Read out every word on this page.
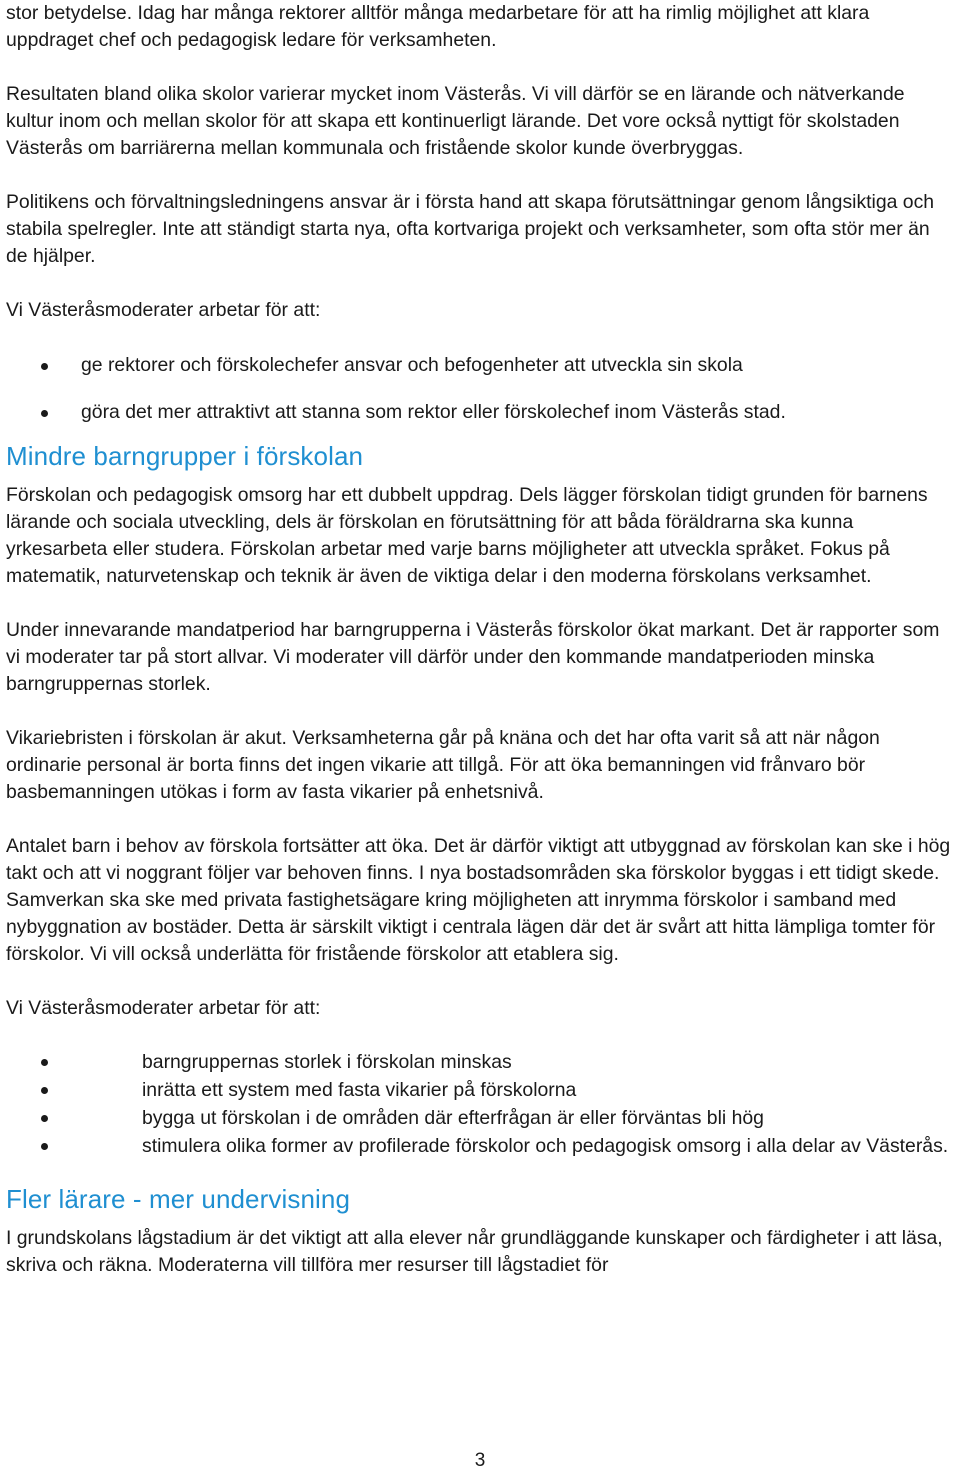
stor betydelse. Idag har många rektorer alltför många medarbetare för att ha rimlig möjlighet att klara uppdraget chef och pedagogisk ledare för verksamheten.

Resultaten bland olika skolor varierar mycket inom Västerås. Vi vill därför se en lärande och nätverkande kultur inom och mellan skolor för att skapa ett kontinuerligt lärande. Det vore också nyttigt för skolstaden Västerås om barriärerna mellan kommunala och fristående skolor kunde överbryggas.

Politikens och förvaltningsledningens ansvar är i första hand att skapa förutsättningar genom långsiktiga och stabila spelregler. Inte att ständigt starta nya, ofta kortvariga projekt och verksamheter, som ofta stör mer än de hjälper.

Vi Västeråsmoderater arbetar för att:

ge rektorer och förskolechefer ansvar och befogenheter att utveckla sin skola
göra det mer attraktivt att stanna som rektor eller förskolechef inom Västerås stad.
Mindre barngrupper i förskolan

Förskolan och pedagogisk omsorg har ett dubbelt uppdrag. Dels lägger förskolan tidigt grunden för barnens lärande och sociala utveckling, dels är förskolan en förutsättning för att båda föräldrarna ska kunna yrkesarbeta eller studera. Förskolan arbetar med varje barns möjligheter att utveckla språket. Fokus på matematik, naturvetenskap och teknik är även de viktiga delar i den moderna förskolans verksamhet.

Under innevarande mandatperiod har barngrupperna i Västerås förskolor ökat markant. Det är rapporter som vi moderater tar på stort allvar. Vi moderater vill därför under den kommande mandatperioden minska barngruppernas storlek.

Vikariebristen i förskolan är akut. Verksamheterna går på knäna och det har ofta varit så att när någon ordinarie personal är borta finns det ingen vikarie att tillgå. För att öka bemanningen vid frånvaro bör basbemanningen utökas i form av fasta vikarier på enhetsnivå.

Antalet barn i behov av förskola fortsätter att öka. Det är därför viktigt att utbyggnad av förskolan kan ske i hög takt och att vi noggrant följer var behoven finns. I nya bostadsområden ska förskolor byggas i ett tidigt skede. Samverkan ska ske med privata fastighetsägare kring möjligheten att inrymma förskolor i samband med nybyggnation av bostäder. Detta är särskilt viktigt i centrala lägen där det är svårt att hitta lämpliga tomter för förskolor. Vi vill också underlätta för fristående förskolor att etablera sig.

Vi Västeråsmoderater arbetar för att:

barngruppernas storlek i förskolan minskas
inrätta ett system med fasta vikarier på förskolorna
bygga ut förskolan i de områden där efterfrågan är eller förväntas bli hög
stimulera olika former av profilerade förskolor och pedagogisk omsorg i alla delar av Västerås.
Fler lärare - mer undervisning

I grundskolans lågstadium är det viktigt att alla elever når grundläggande kunskaper och färdigheter i att läsa, skriva och räkna. Moderaterna vill tillföra mer resurser till lågstadiet för

3
